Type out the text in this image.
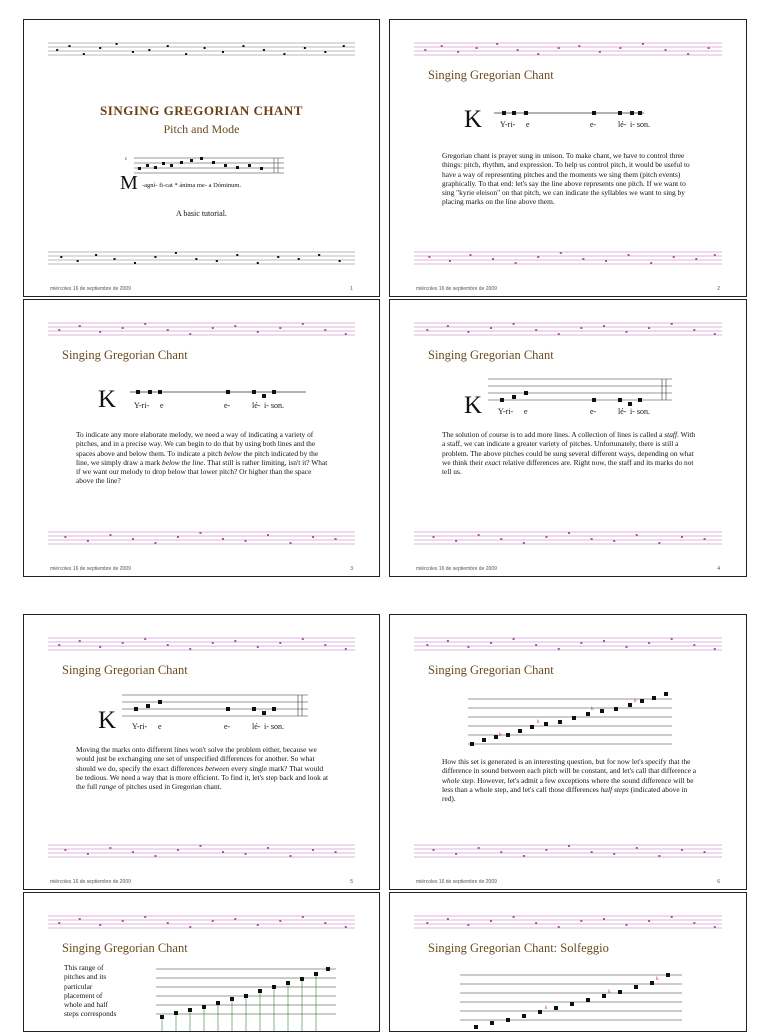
SINGING GREGORIAN CHANT
Pitch and Mode
c
M -agní- fi-cat * ánima me- a Dóminum.
A basic tutorial.
miércoles 16 de septiembre de 2009	1
Singing Gregorian Chant
K Y-ri- e	e-	lé- i- son.
Gregorian chant is prayer sung in unison. To make chant, we have to control three things: pitch, rhythm, and expression. To help us control pitch, it would be useful to have a way of representing pitches and the moments we sing them (pitch events) graphically. To that end: let's say the line above represents one pitch. If we want to sing "kyrie eleison" on that pitch, we can indicate the syllables we want to sing by placing marks on the line above them.
miércoles 16 de septiembre de 2009	2
Singing Gregorian Chant
K Y-ri- e	e-	lé- i- son.
To indicate any more elaborate melody, we need a way of indicating a variety of pitches, and in a precise way. We can begin to do that by using both lines and the spaces above and below them. To indicate a pitch below the pitch indicated by the line, we simply draw a mark below the line. That still is rather limiting, isn't it? What if we want our melody to drop below that lower pitch? Or higher than the space above the line?
miércoles 16 de septiembre de 2009	3
Singing Gregorian Chant
K Y-ri- e	e-	lé- i- son.
The solution of course is to add more lines. A collection of lines is called a staff. With a staff, we can indicate a greater variety of pitches. Unfortunately, there is still a problem. The above pitches could be sung several different ways, depending on what we think their exact relative differences are. Right now, the staff and its marks do not tell us.
miércoles 16 de septiembre de 2009	4
Singing Gregorian Chant
K Y-ri- e	e-	lé- i- son.
Moving the marks onto different lines won't solve the problem either, because we would just be exchanging one set of unspecified differences for another. So what should we do, specify the exact differences between every single mark? That would be tedious. We need a way that is more efficient. To find it, let's step back and look at the full range of pitches used in Gregorian chant.
miércoles 16 de septiembre de 2009	5
Singing Gregorian Chant
h
h
h
h
How this set is generated is an interesting question, but for now let's specify that the difference in sound between each pitch will be constant, and let's call that difference a whole step. However, let's admit a few exceptions where the sound difference will be less than a whole step, and let's call those differences half steps (indicated above in red).
miércoles 16 de septiembre de 2009	6
Singing Gregorian Chant
This range of pitches and its particular placement of whole and half steps corresponds
Singing Gregorian Chant: Solfeggio
h
h
h
